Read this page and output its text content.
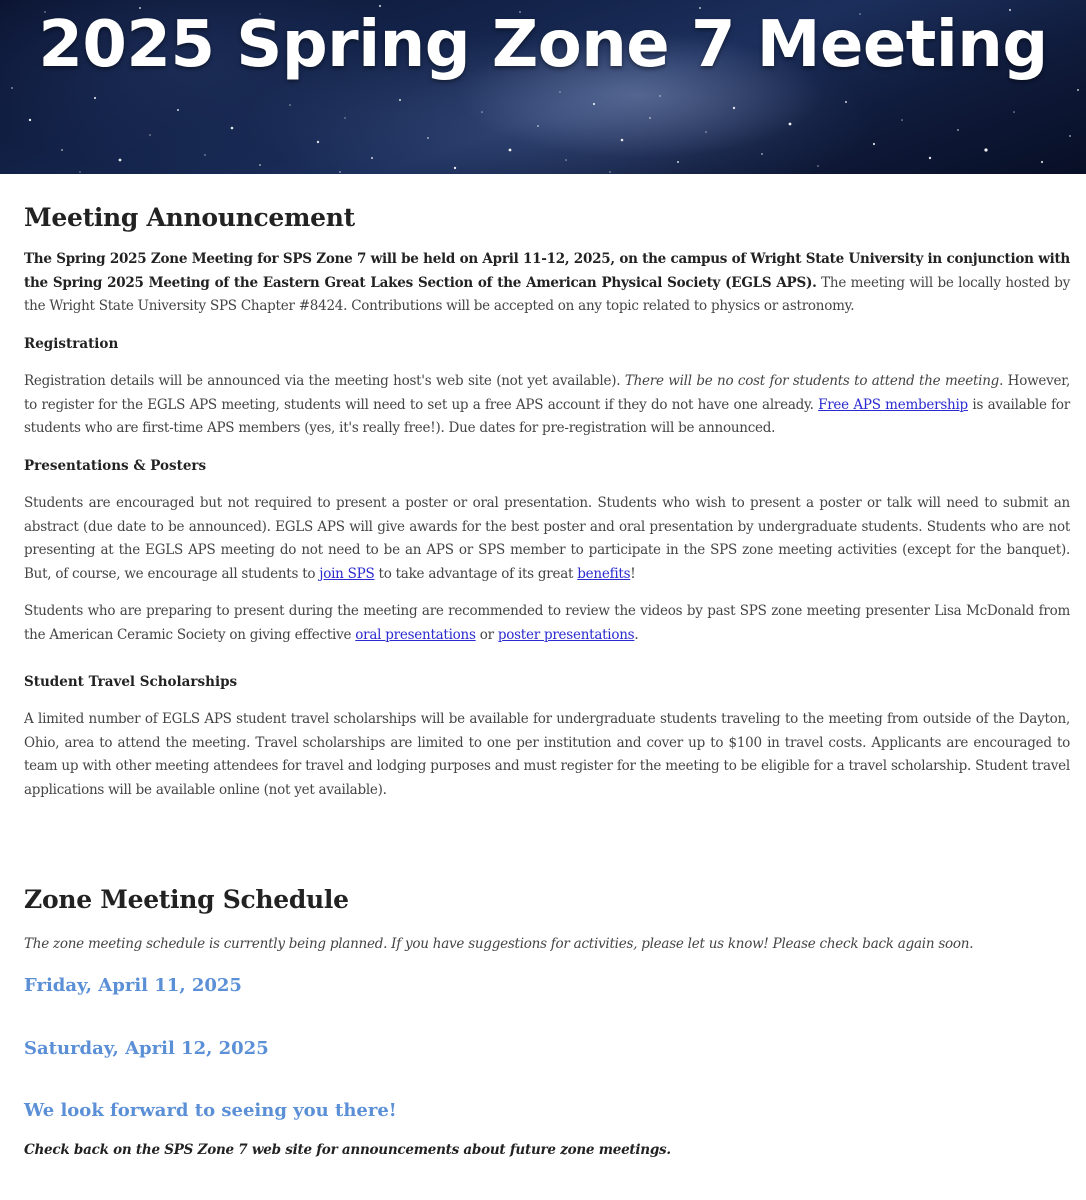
2025 Spring Zone 7 Meeting
Meeting Announcement

The Spring 2025 Zone Meeting for SPS Zone 7 will be held on April 11-12, 2025, on the campus of Wright State University in conjunction with the Spring 2025 Meeting of the Eastern Great Lakes Section of the American Physical Society (EGLS APS). The meeting will be locally hosted by the Wright State University SPS Chapter #8424. Contributions will be accepted on any topic related to physics or astronomy.

Registration

Registration details will be announced via the meeting host's web site (not yet available). There will be no cost for students to attend the meeting. However, to register for the EGLS APS meeting, students will need to set up a free APS account if they do not have one already. Free APS membership is available for students who are first-time APS members (yes, it's really free!). Due dates for pre-registration will be announced.

Presentations & Posters

Students are encouraged but not required to present a poster or oral presentation. Students who wish to present a poster or talk will need to submit an abstract (due date to be announced). EGLS APS will give awards for the best poster and oral presentation by undergraduate students. Students who are not presenting at the EGLS APS meeting do not need to be an APS or SPS member to participate in the SPS zone meeting activities (except for the banquet). But, of course, we encourage all students to join SPS to take advantage of its great benefits!

Students who are preparing to present during the meeting are recommended to review the videos by past SPS zone meeting presenter Lisa McDonald from the American Ceramic Society on giving effective oral presentations or poster presentations.

Student Travel Scholarships

A limited number of EGLS APS student travel scholarships will be available for undergraduate students traveling to the meeting from outside of the Dayton, Ohio, area to attend the meeting. Travel scholarships are limited to one per institution and cover up to $100 in travel costs. Applicants are encouraged to team up with other meeting attendees for travel and lodging purposes and must register for the meeting to be eligible for a travel scholarship. Student travel applications will be available online (not yet available).

Zone Meeting Schedule

The zone meeting schedule is currently being planned. If you have suggestions for activities, please let us know! Please check back again soon.

Friday, April 11, 2025
Saturday, April 12, 2025
We look forward to seeing you there!

Check back on the SPS Zone 7 web site for announcements about future zone meetings.
